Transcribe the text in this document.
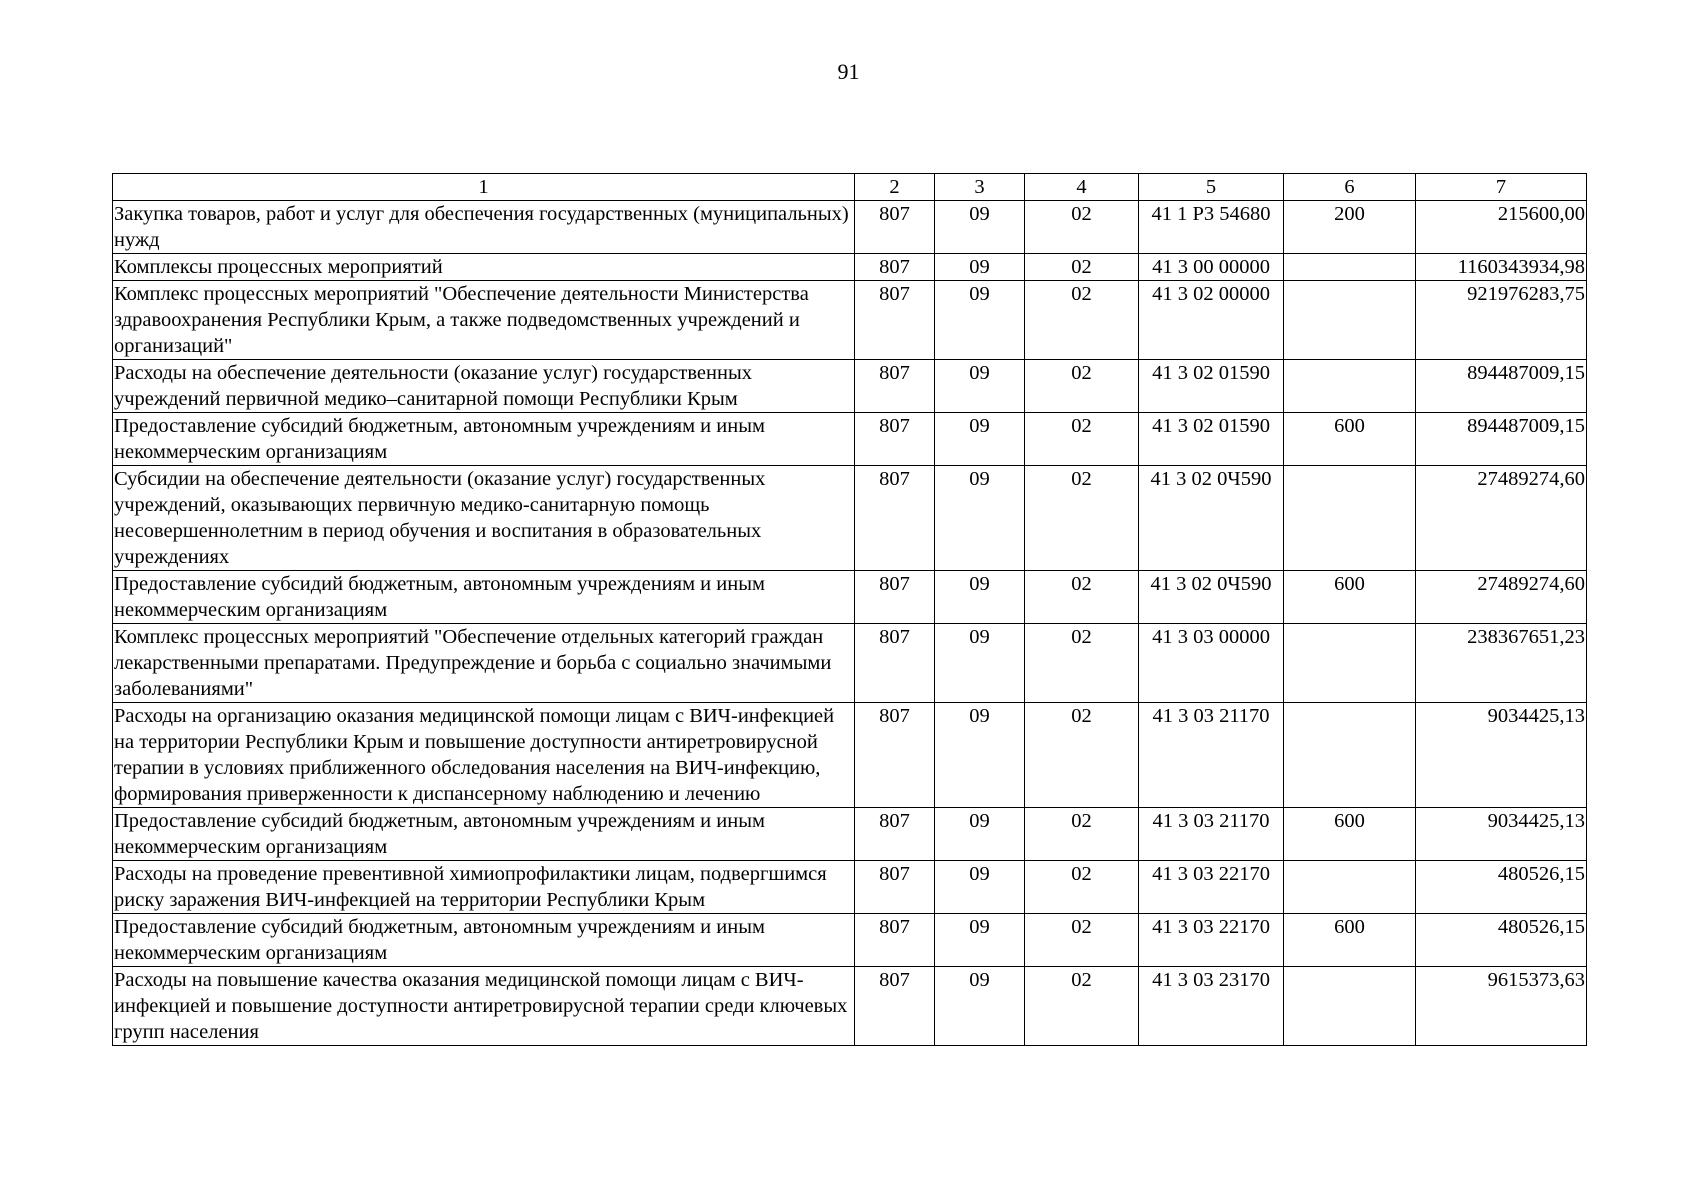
91
1	2	3	4	5	6	7
Закупка товаров, работ и услуг для обеспечения государственных (муниципальных) нужд	807	09	02	41 1 Р3 54680	200	215600,00
Комплексы процессных мероприятий	807	09	02	41 3 00 00000		1160343934,98
Комплекс процессных мероприятий "Обеспечение деятельности Министерства здравоохранения Республики Крым, а также подведомственных учреждений и организаций"	807	09	02	41 3 02 00000		921976283,75
Расходы на обеспечение деятельности (оказание услуг) государственных учреждений первичной медико–санитарной помощи Республики Крым	807	09	02	41 3 02 01590		894487009,15
Предоставление субсидий бюджетным, автономным учреждениям и иным некоммерческим организациям	807	09	02	41 3 02 01590	600	894487009,15
Субсидии на обеспечение деятельности (оказание услуг) государственных учреждений, оказывающих первичную медико-санитарную помощь несовершеннолетним в период обучения и воспитания в образовательных учреждениях	807	09	02	41 3 02 0Ч590		27489274,60
Предоставление субсидий бюджетным, автономным учреждениям и иным некоммерческим организациям	807	09	02	41 3 02 0Ч590	600	27489274,60
Комплекс процессных мероприятий "Обеспечение отдельных категорий граждан лекарственными препаратами. Предупреждение и борьба с социально значимыми заболеваниями"	807	09	02	41 3 03 00000		238367651,23
Расходы на организацию оказания медицинской помощи лицам с ВИЧ-инфекцией на территории Республики Крым и повышение доступности антиретровирусной терапии в условиях приближенного обследования населения на ВИЧ-инфекцию, формирования приверженности к диспансерному наблюдению и лечению	807	09	02	41 3 03 21170		9034425,13
Предоставление субсидий бюджетным, автономным учреждениям и иным некоммерческим организациям	807	09	02	41 3 03 21170	600	9034425,13
Расходы на проведение превентивной химиопрофилактики лицам, подвергшимся риску заражения ВИЧ-инфекцией на территории Республики Крым	807	09	02	41 3 03 22170		480526,15
Предоставление субсидий бюджетным, автономным учреждениям и иным некоммерческим организациям	807	09	02	41 3 03 22170	600	480526,15
Расходы на повышение качества оказания медицинской помощи лицам с ВИЧ-инфекцией и повышение доступности антиретровирусной терапии среди ключевых групп населения	807	09	02	41 3 03 23170		9615373,63
